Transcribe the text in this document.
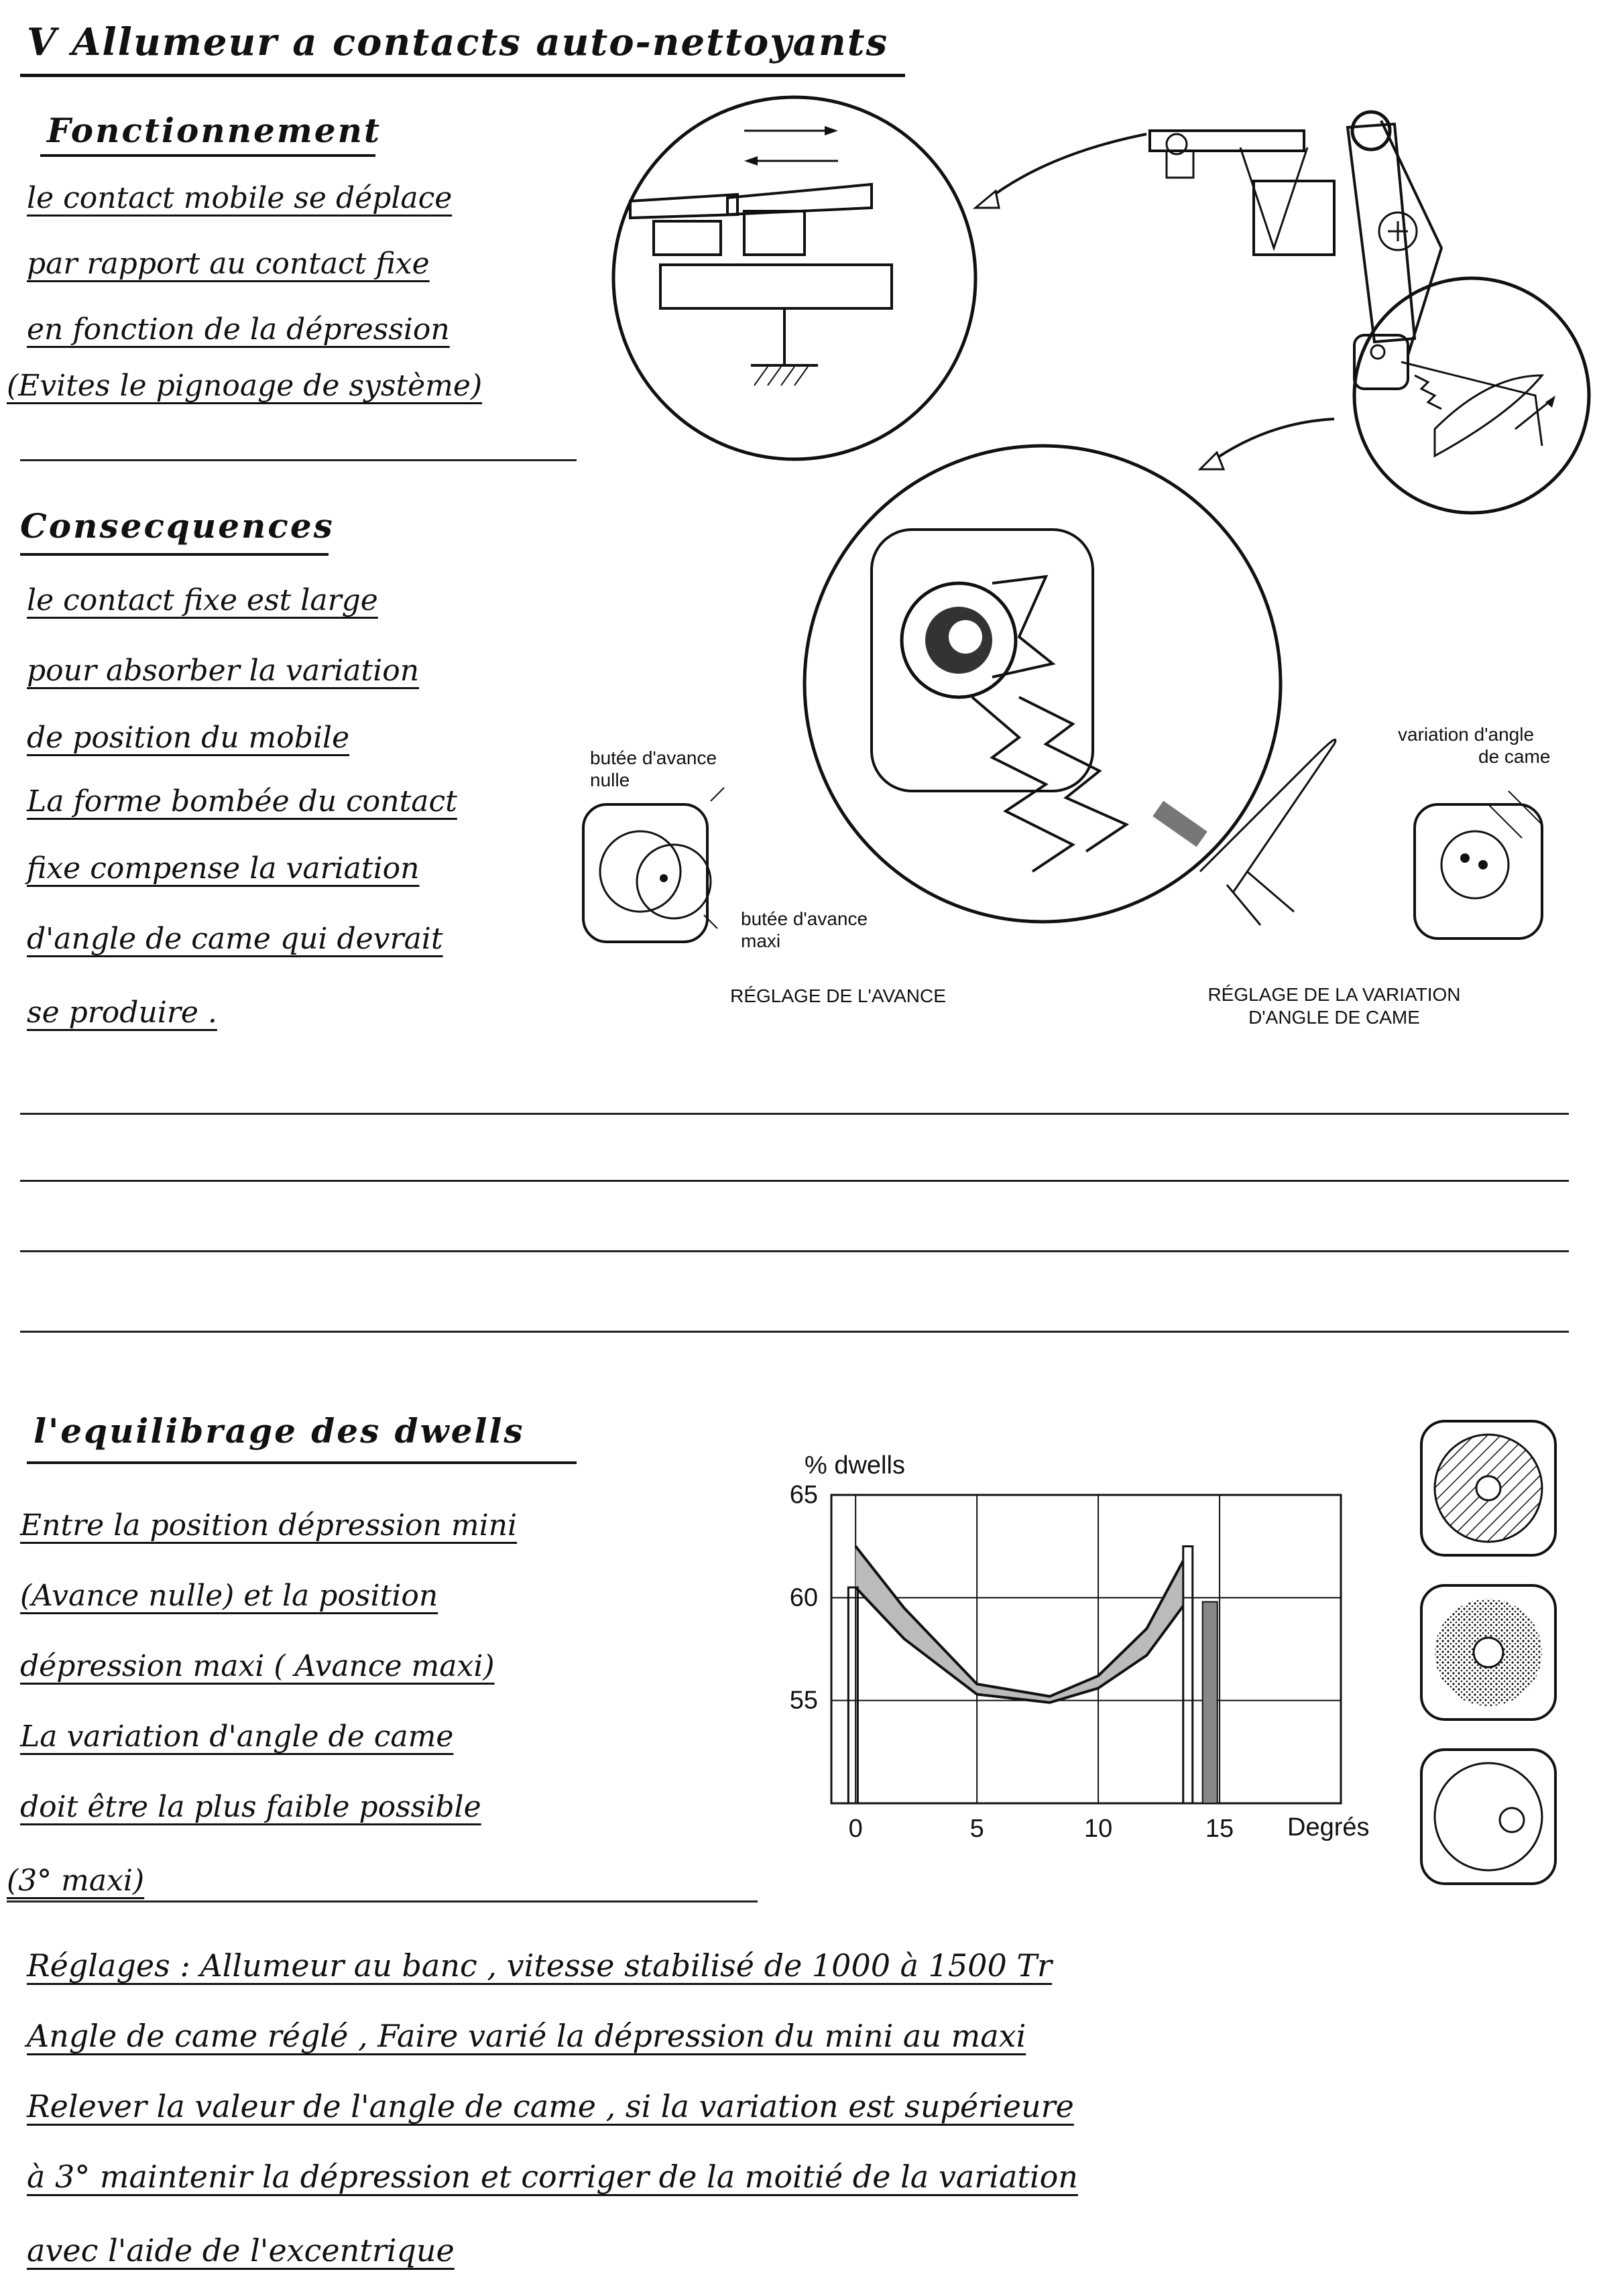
V Allumeur a contacts auto-nettoyants
Fonctionnement
le contact mobile se déplace
par rapport au contact fixe
en fonction de la dépression
(Evites le pignoage de système)
Consecquences
le contact fixe est large
pour absorber la variation
de position du mobile
La forme bombée du contact
fixe compense la variation
d'angle de came qui devrait
se produire .
butée d'avance
nulle
butée d'avance
maxi
variation d'angle
de came
RÉGLAGE DE L'AVANCE	RÉGLAGE DE LA VARIATION
D'ANGLE DE CAME
l'equilibrage des dwells
Entre la position dépression mini
(Avance nulle) et la position
dépression maxi ( Avance maxi)
La variation d'angle de came
doit être la plus faible possible
(3° maxi)
% dwells
Degrés
0	5	10	15
55
60
65
Réglages : Allumeur au banc , vitesse stabilisé de 1000 à 1500 Tr
Angle de came réglé , Faire varié la dépression du mini au maxi
Relever la valeur de l'angle de came , si la variation est supérieure
à 3° maintenir la dépression et corriger de la moitié de la variation
avec l'aide de l'excentrique
